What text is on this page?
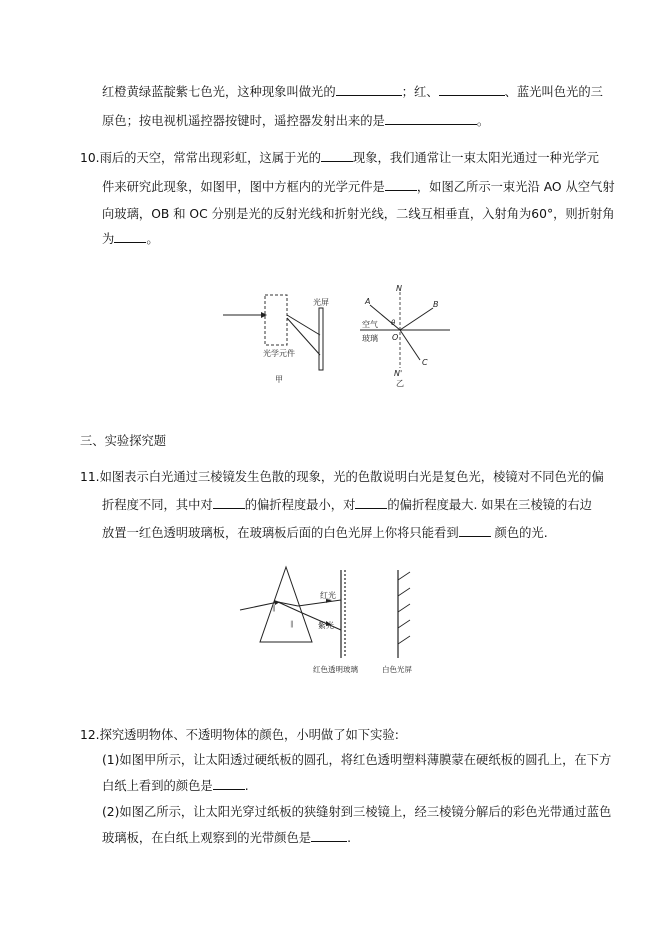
红橙黄绿蓝靛紫七色光，这种现象叫做光的	；红、	、蓝光叫色光的三
原色；按电视机遥控器按键时，遥控器发射出来的是	。
10.雨后的天空，常常出现彩虹，这属于光的	现象，我们通常让一束太阳光通过一种光学元
件来研究此现象，如图甲，图中方框内的光学元件是	，如图乙所示一束光沿 AO 从空气射
向玻璃，OB 和 OC 分别是光的反射光线和折射光线，二线互相垂直，入射角为60°，则折射角
为	。
光屏
光学元件
甲
A	B
C
N
N'
O
θ
空气
玻璃
乙
三、实验探究题
11.如图表示白光通过三棱镜发生色散的现象，光的色散说明白光是复色光，棱镜对不同色光的偏
折程度不同，其中对	的偏折程度最小，对	的偏折程度最大. 如果在三棱镜的右边
放置一红色透明玻璃板，在玻璃板后面的白色光屏上你将只能看到	颜色的光.
∥
∥
红光
紫光
红色透明玻璃	白色光屏
12.探究透明物体、不透明物体的颜色，小明做了如下实验:
(1)如图甲所示，让太阳透过硬纸板的圆孔，将红色透明塑料薄膜蒙在硬纸板的圆孔上，在下方
白纸上看到的颜色是	.
(2)如图乙所示，让太阳光穿过纸板的狭缝射到三棱镜上，经三棱镜分解后的彩色光带通过蓝色
玻璃板，在白纸上观察到的光带颜色是	.
